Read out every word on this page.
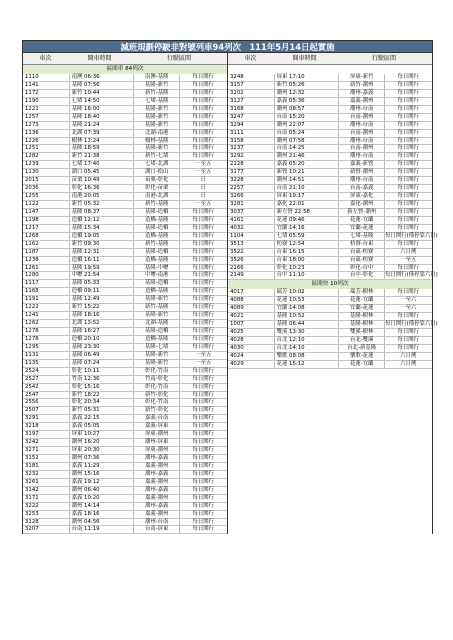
減班規劃停駛非對號列車94列次　111年5月14日起實施
車次	開車時間	行駛區間
區間車 84列次
1110	南澳 06:36	南澳-基隆	每日開行
1141	基隆 07:56	基隆-新竹	每日開行
1172	新竹 10:44	新竹-基隆	每日開行
1190	七堵 14:50	七堵-基隆	每日開行
1221	基隆 16:00	基隆-新竹	每日開行
1257	基隆 18:40	基隆-新竹	每日開行
1273	基隆 21:24	基隆-新竹	每日開行
1136	北湖 07:39	北湖-南港	每日開行
1226	樹林 17:24	樹林-基隆	每日開行
1251	基隆 18:59	基隆-新竹	每日開行
1282	新竹 21:38	新竹-七堵	每日開行
1239	七堵 17:40	七堵-北湖	一至五
1130	湖口 05:45	湖口-松山	一至五
2015	苗栗 10:49	苗栗-彰化	日
2036	彰化 16:36	彰化-苗栗	日
1255	南港 20:05	南港-北湖	日
1122	新竹 05:32	新竹-基隆	一至五
1147	基隆 08:37	基隆-造橋	每日開行
1198	造橋 12:12	造橋-基隆	每日開行
1217	基隆 15:34	基隆-造橋	每日開行
1268	造橋 19:05	造橋-基隆	每日開行
1162	新竹 09:30	新竹-基隆	每日開行
1187	基隆 12:31	基隆-造橋	每日開行
1238	造橋 16:11	造橋-基隆	每日開行
1261	基隆 19:59	基隆-中壢	每日開行
1280	中壢 21:54	中壢-南港	每日開行
1117	基隆 05:33	基隆-造橋	每日開行
1168	造橋 09:11	造橋-基隆	每日開行
1191	基隆 12:49	基隆-新竹	每日開行
1222	新竹 15:22	新竹-基隆	每日開行
1241	基隆 18:16	基隆-新竹	每日開行
1262	北湖 13:52	北湖-基隆	每日開行
1278	基隆 16:27	基隆-造橋	每日開行
1278	造橋 20:10	造橋-基隆	每日開行
1295	基隆 23:30	基隆-七堵	每日開行
1131	基隆 06:49	基隆-新竹	一至五
1135	基隆 07:24	基隆-新竹	一至五
2524	彰化 10:11	彰化-竹南	每日開行
2527	竹南 12:36	竹南-彰化	每日開行
2542	彰化 15:16	彰化-竹南	每日開行
2547	新竹 18:22	新竹-彰化	每日開行
2556	彰化 20:34	彰化-竹南	每日開行
2507	新竹 05:31	新竹-彰化	每日開行
3291	嘉義 22:15	嘉義-台南	每日開行
3218	嘉義 05:05	嘉義-屏東	每日開行
3197	屏東 10:27	屏東-潮州	每日開行
3242	潮州 16:20	潮州-屏東	每日開行
3271	屏東 20:30	屏東-潮州	每日開行
3152	潮州 07:36	潮州-嘉義	每日開行
3181	嘉義 11:29	嘉義-潮州	每日開行
3232	潮州 15:16	潮州-嘉義	每日開行
3261	嘉義 19:12	嘉義-潮州	每日開行
3142	潮州 06:40	潮州-嘉義	每日開行
3171	嘉義 10:20	嘉義-潮州	每日開行
3222	潮州 14:14	潮州-嘉義	每日開行
3253	嘉義 18:16	嘉義-潮州	每日開行
3128	潮州 04:56	潮州-台南	每日開行
3207	台南 11:19	台南-屏東	每日開行
車次	開車時間	行駛區間
3248	屏東 17:10	屏東-新竹	每日開行
3157	新竹 05:26	新竹-潮州	每日開行
3202	潮州 12:32	潮州-嘉義	每日開行
3127	嘉義 05:36	嘉義-潮州	每日開行
3168	潮州 08:57	潮州-台南	每日開行
3247	台南 15:20	台南-潮州	每日開行
3294	潮州 22:07	潮州-台南	每日開行
3111	台南 05:24	台南-潮州	每日開行
3158	潮州 07:58	潮州-台南	每日開行
3237	台南 14:25	台南-潮州	每日開行
3292	潮州 21:46	潮州-台南	每日開行
2128	嘉義 05:20	嘉義-新營	每日開行
3177	新營 10:21	新營-潮州	每日開行
3228	潮州 14:51	潮州-台南	每日開行
2257	台南 21:10	台南-嘉義	每日開行
3266	屏東 19:17	屏東-嘉化	每日開行
3281	嘉化 22:01	嘉化-潮州	每日開行
3037	新左營 22:58	新左營-潮州	每日開行
4161	花蓮 09:46	花蓮-宜蘭	每日開行
4032	宜蘭 14:16	宜蘭-花蓮	每日開行
1104	七堵 05:59	七堵-基隆 每日開行(僅停靠六日)
3513	枋寮 12:54	枋寮-台東	每日開行
3522	台東 16:15	台東-枋寮	六日例
3526	台東 18:00	台東-枋寮	一至五
2166	彰化 10:23	彰化-台中	每日開行
2149	台中 11:10	台中-彰化 每日開行(僅停靠六日)
區間快 10列次
4017	瑞芳 10:02	瑞芳-樹林	每日開行
4088	花蓮 10:53	花蓮-宜蘭	一至六
4089	宜蘭 14:08	宜蘭-花蓮	一至六
4021	基隆 10:52	基隆-樹林	每日開行
1007	基隆 06:44	基隆-樹林 每日開行(僅停靠六日)
4025	雙溪 13:30	雙溪-樹林	每日開行
4028	台北 12:10	台北-雙溪	每日開行
4030	台北 14:10	台北-新基隆	每日開行
4024	樂歌 08:08	樂歌-花蓮	六日例
4029	花蓮 15:12	花蓮-宜蘭	六日例
